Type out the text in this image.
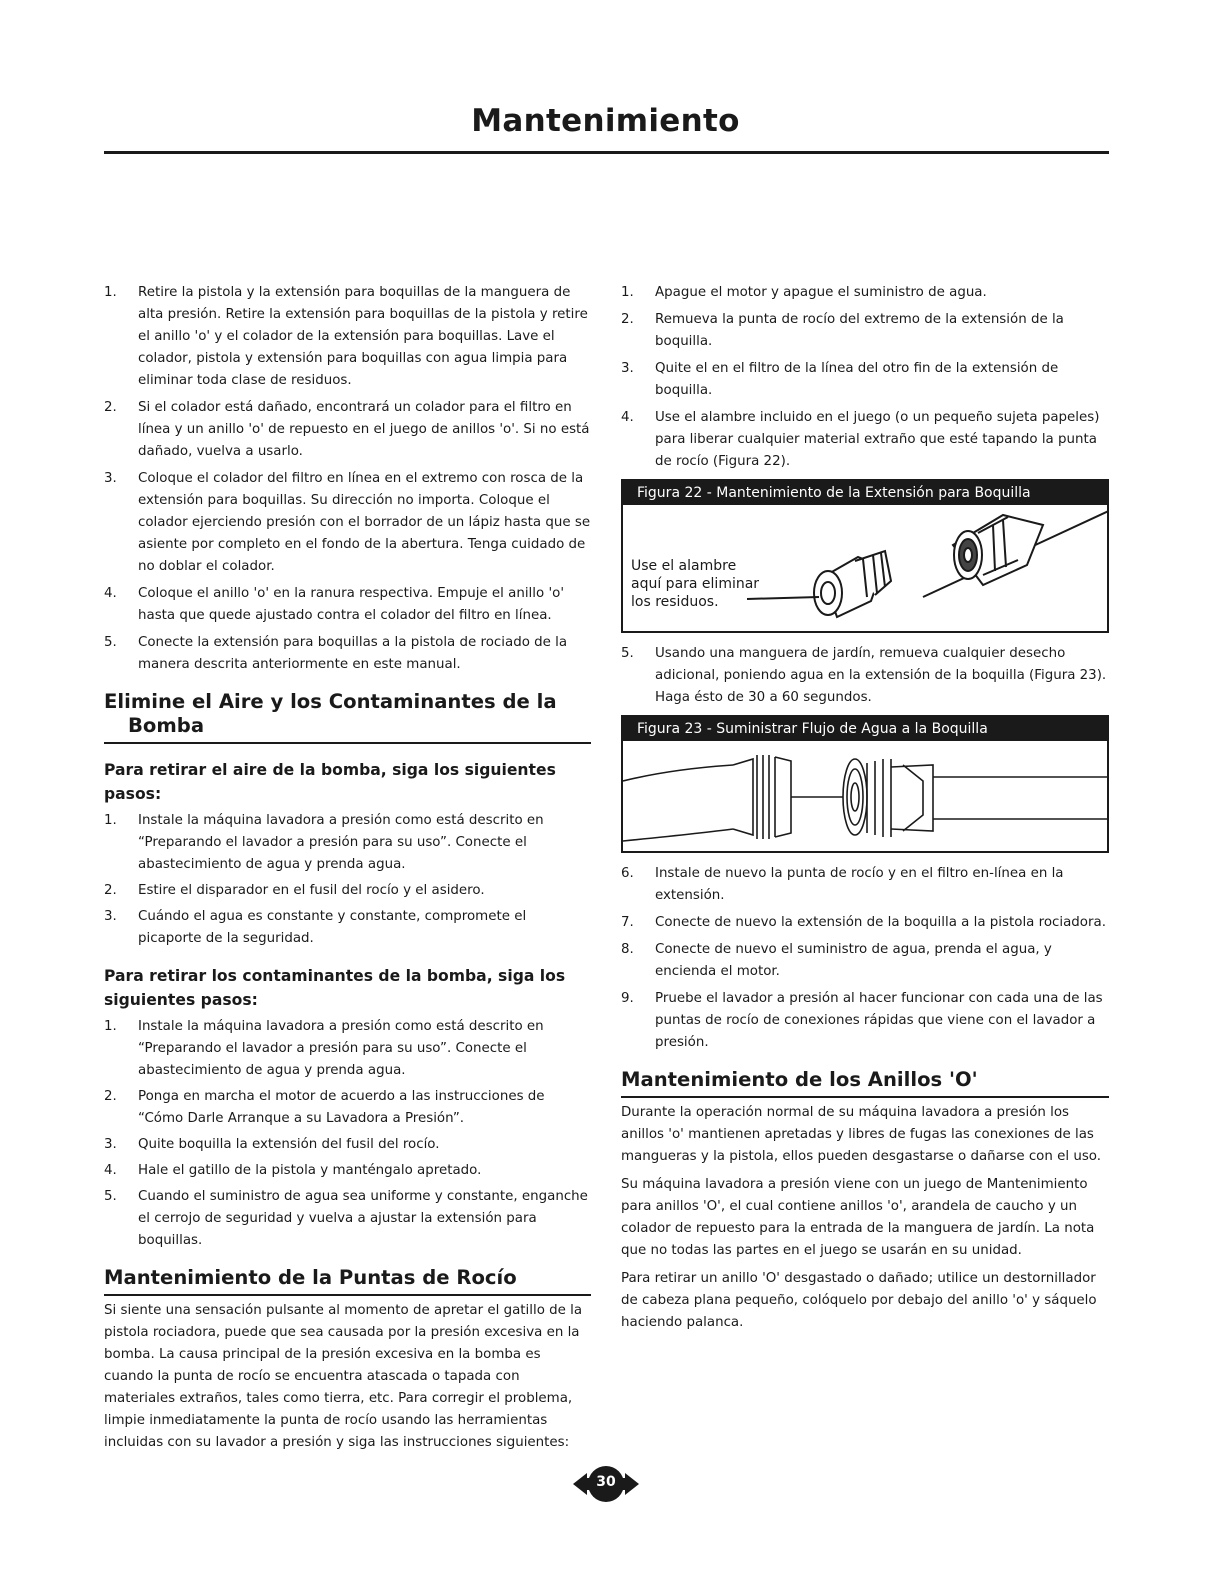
Mantenimiento
1.	Retire la pistola y la extensión para boquillas de la manguera de alta presión. Retire la extensión para boquillas de la pistola y retire el anillo 'o' y el colador de la extensión para boquillas. Lave el colador, pistola y extensión para boquillas con agua limpia para eliminar toda clase de residuos.
2.	Si el colador está dañado, encontrará un colador para el filtro en línea y un anillo 'o' de repuesto en el juego de anillos 'o'. Si no está dañado, vuelva a usarlo.
3.	Coloque el colador del filtro en línea en el extremo con rosca de la extensión para boquillas. Su dirección no importa. Coloque el colador ejerciendo presión con el borrador de un lápiz hasta que se asiente por completo en el fondo de la abertura. Tenga cuidado de no doblar el colador.
4.	Coloque el anillo 'o' en la ranura respectiva. Empuje el anillo 'o' hasta que quede ajustado contra el colador del filtro en línea.
5.	Conecte la extensión para boquillas a la pistola de rociado de la manera descrita anteriormente en este manual.
Elimine el Aire y los Contaminantes de la
Bomba
Para retirar el aire de la bomba, siga los siguientes pasos:
1.	Instale la máquina lavadora a presión como está descrito en “Preparando el lavador a presión para su uso”. Conecte el abastecimiento de agua y prenda agua.
2.	Estire el disparador en el fusil del rocío y el asidero.
3.	Cuándo el agua es constante y constante, compromete el picaporte de la seguridad.
Para retirar los contaminantes de la bomba, siga los siguientes pasos:
1.	Instale la máquina lavadora a presión como está descrito en “Preparando el lavador a presión para su uso”. Conecte el abastecimiento de agua y prenda agua.
2.	Ponga en marcha el motor de acuerdo a las instrucciones de “Cómo Darle Arranque a su Lavadora a Presión”.
3.	Quite boquilla la extensión del fusil del rocío.
4.	Hale el gatillo de la pistola y manténgalo apretado.
5.	Cuando el suministro de agua sea uniforme y constante, enganche el cerrojo de seguridad y vuelva a ajustar la extensión para boquillas.
Mantenimiento de la Puntas de Rocío

Si siente una sensación pulsante al momento de apretar el gatillo de la pistola rociadora, puede que sea causada por la presión excesiva en la bomba. La causa principal de la presión excesiva en la bomba es cuando la punta de rocío se encuentra atascada o tapada con materiales extraños, tales como tierra, etc. Para corregir el problema, limpie inmediatamente la punta de rocío usando las herramientas incluidas con su lavador a presión y siga las instrucciones siguientes:

1.	Apague el motor y apague el suministro de agua.
2.	Remueva la punta de rocío del extremo de la extensión de la boquilla.
3.	Quite el en el filtro de la línea del otro fin de la extensión de boquilla.
4.	Use el alambre incluido en el juego (o un pequeño sujeta papeles) para liberar cualquier material extraño que esté tapando la punta de rocío (Figura 22).
Figura 22 - Mantenimiento de la Extensión para Boquilla
Use el alambre
aquí para eliminar
los residuos.
5.	Usando una manguera de jardín, remueva cualquier desecho adicional, poniendo agua en la extensión de la boquilla (Figura 23). Haga ésto de 30 a 60 segundos.
Figura 23 - Suministrar Flujo de Agua a la Boquilla
6.	Instale de nuevo la punta de rocío y en el filtro en-línea en la extensión.
7.	Conecte de nuevo la extensión de la boquilla a la pistola rociadora.
8.	Conecte de nuevo el suministro de agua, prenda el agua, y encienda el motor.
9.	Pruebe el lavador a presión al hacer funcionar con cada una de las puntas de rocío de conexiones rápidas que viene con el lavador a presión.
Mantenimiento de los Anillos 'O'

Durante la operación normal de su máquina lavadora a presión los anillos 'o' mantienen apretadas y libres de fugas las conexiones de las mangueras y la pistola, ellos pueden desgastarse o dañarse con el uso.

Su máquina lavadora a presión viene con un juego de Mantenimiento para anillos 'O', el cual contiene anillos 'o', arandela de caucho y un colador de repuesto para la entrada de la manguera de jardín. La nota que no todas las partes en el juego se usarán en su unidad.

Para retirar un anillo 'O' desgastado o dañado; utilice un destornillador de cabeza plana pequeño, colóquelo por debajo del anillo 'o' y sáquelo haciendo palanca.

30
